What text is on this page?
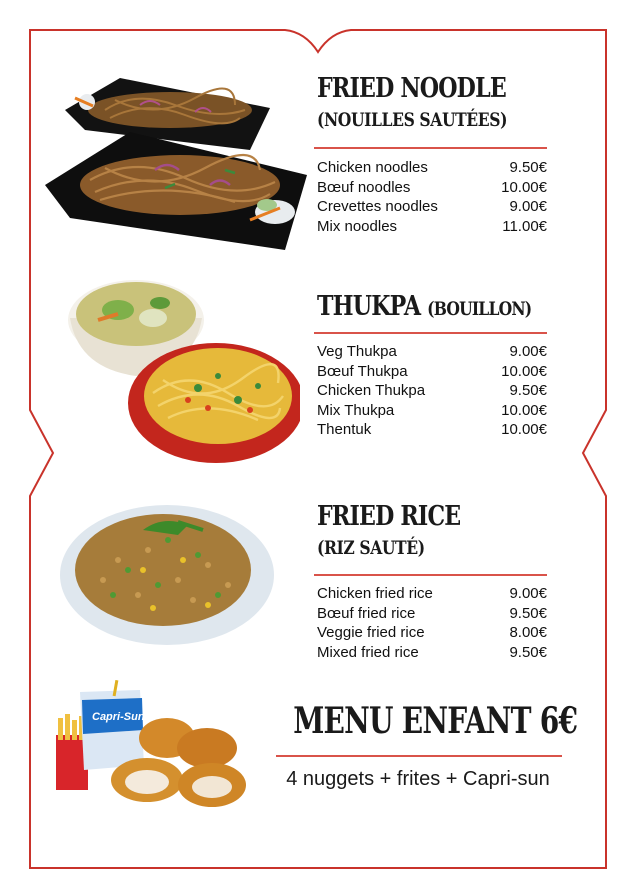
Capri-Sun
FRIED NOODLE
(NOUILLES SAUTÉES)
Chicken noodles	9.50€
Bœuf noodles	10.00€
Crevettes noodles	9.00€
Mix noodles	11.00€
THUKPA (BOUILLON)
Veg Thukpa	9.00€
Bœuf Thukpa	10.00€
Chicken Thukpa	9.50€
Mix Thukpa	10.00€
Thentuk	10.00€
FRIED RICE
(RIZ SAUTÉ)
Chicken fried rice	9.00€
Bœuf fried rice	9.50€
Veggie fried rice	8.00€
Mixed fried rice	9.50€
MENU ENFANT 6€
4 nuggets + frites + Capri-sun
